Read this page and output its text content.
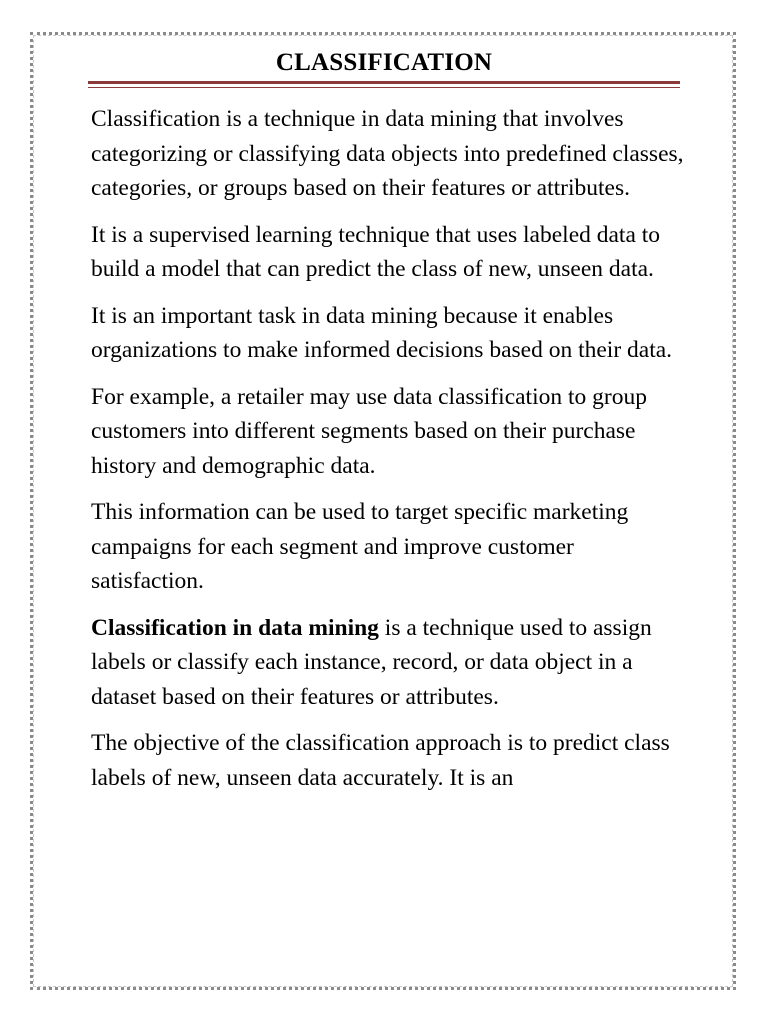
CLASSIFICATION

Classification is a technique in data mining that involves categorizing or classifying data objects into predefined classes, categories, or groups based on their features or attributes.

It is a supervised learning technique that uses labeled data to build a model that can predict the class of new, unseen data.

It is an important task in data mining because it enables organizations to make informed decisions based on their data.

For example, a retailer may use data classification to group customers into different segments based on their purchase history and demographic data.

This information can be used to target specific marketing campaigns for each segment and improve customer satisfaction.

Classification in data mining is a technique used to assign labels or classify each instance, record, or data object in a dataset based on their features or attributes.

The objective of the classification approach is to predict class labels of new, unseen data accurately. It is an
